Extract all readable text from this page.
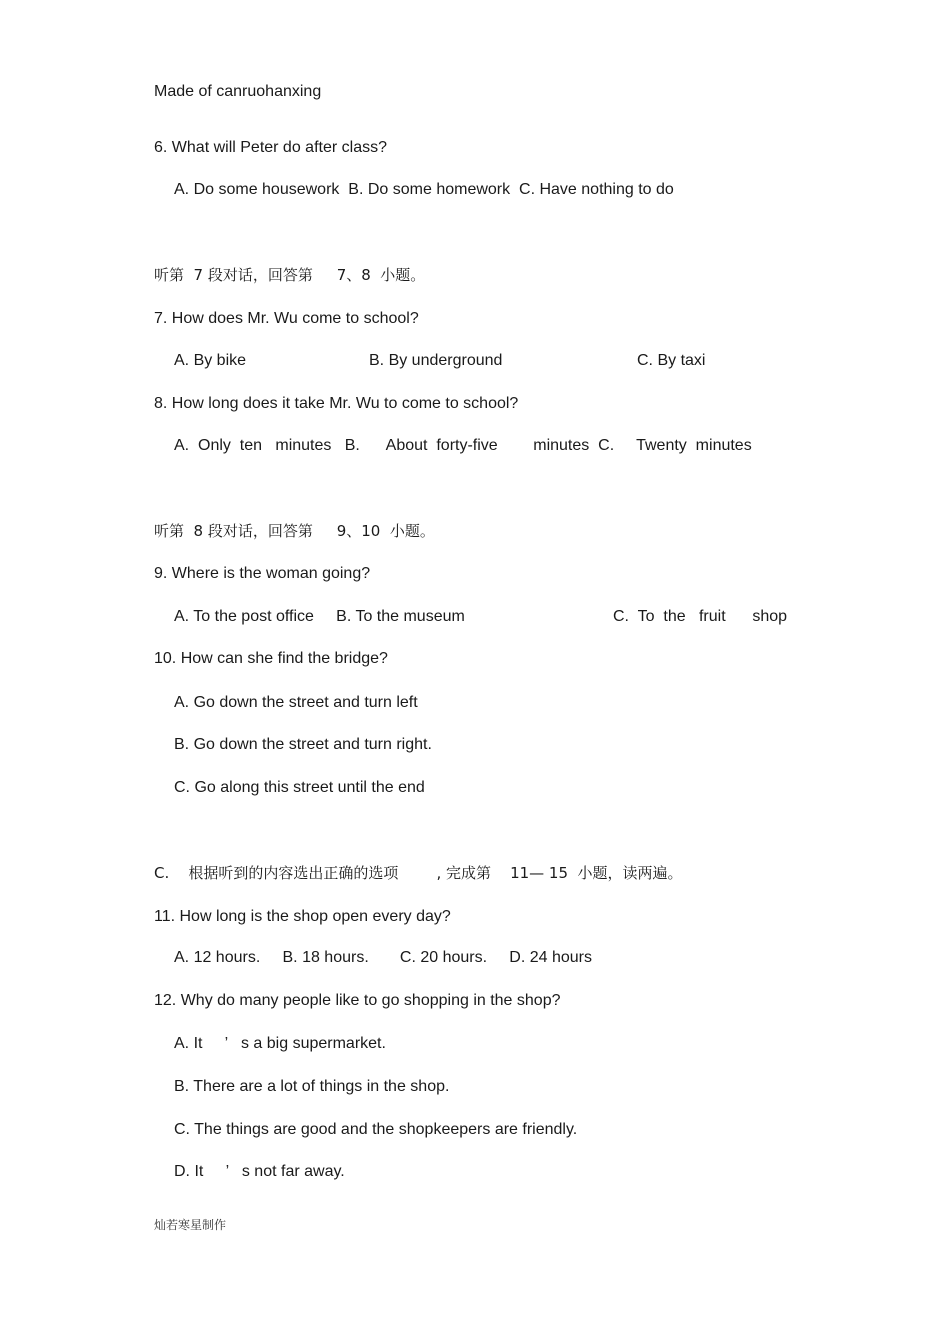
Made of canruohanxing
6. What will Peter do after class?
A. Do some housework  B. Do some homework  C. Have nothing to do
听第  7 段对话，回答第     7、8  小题。
7. How does Mr. Wu come to school?
A. By bike	B. By underground	C. By taxi
8. How long does it take Mr. Wu to come to school?
A.  Only  ten   minutes   B.      About  forty-five        minutes  C.     Twenty  minutes
听第  8 段对话，回答第     9、10  小题。
9. Where is the woman going?
A. To the post office     B. To the museum	C.  To  the   fruit      shop
10. How can she find the bridge?
A. Go down the street and turn left
B. Go down the street and turn right.
C. Go along this street until the end
C.    根据听到的内容选出正确的选项        , 完成第    11— 15  小题，读两遍。
11. How long is the shop open every day?
A. 12 hours.     B. 18 hours.       C. 20 hours.     D. 24 hours
12. Why do many people like to go shopping in the shop?
A. It     ’   s a big supermarket.
B. There are a lot of things in the shop.
C. The things are good and the shopkeepers are friendly.
D. It     ’   s not far away.
灿若寒星制作
